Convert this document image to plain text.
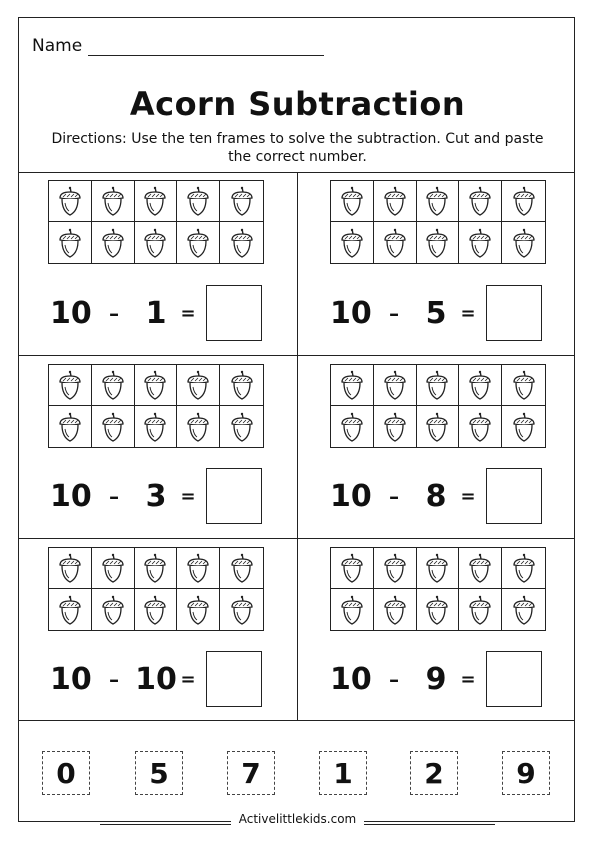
Name
Acorn Subtraction
Directions: Use the ten frames to solve the subtraction. Cut and paste the correct number.
10 - 1 =	10 - 5 =
10 - 3 =	10 - 8 =
10 - 10 =	10 - 9 =
0	5	7	1	2	9
Activelittlekids.com
